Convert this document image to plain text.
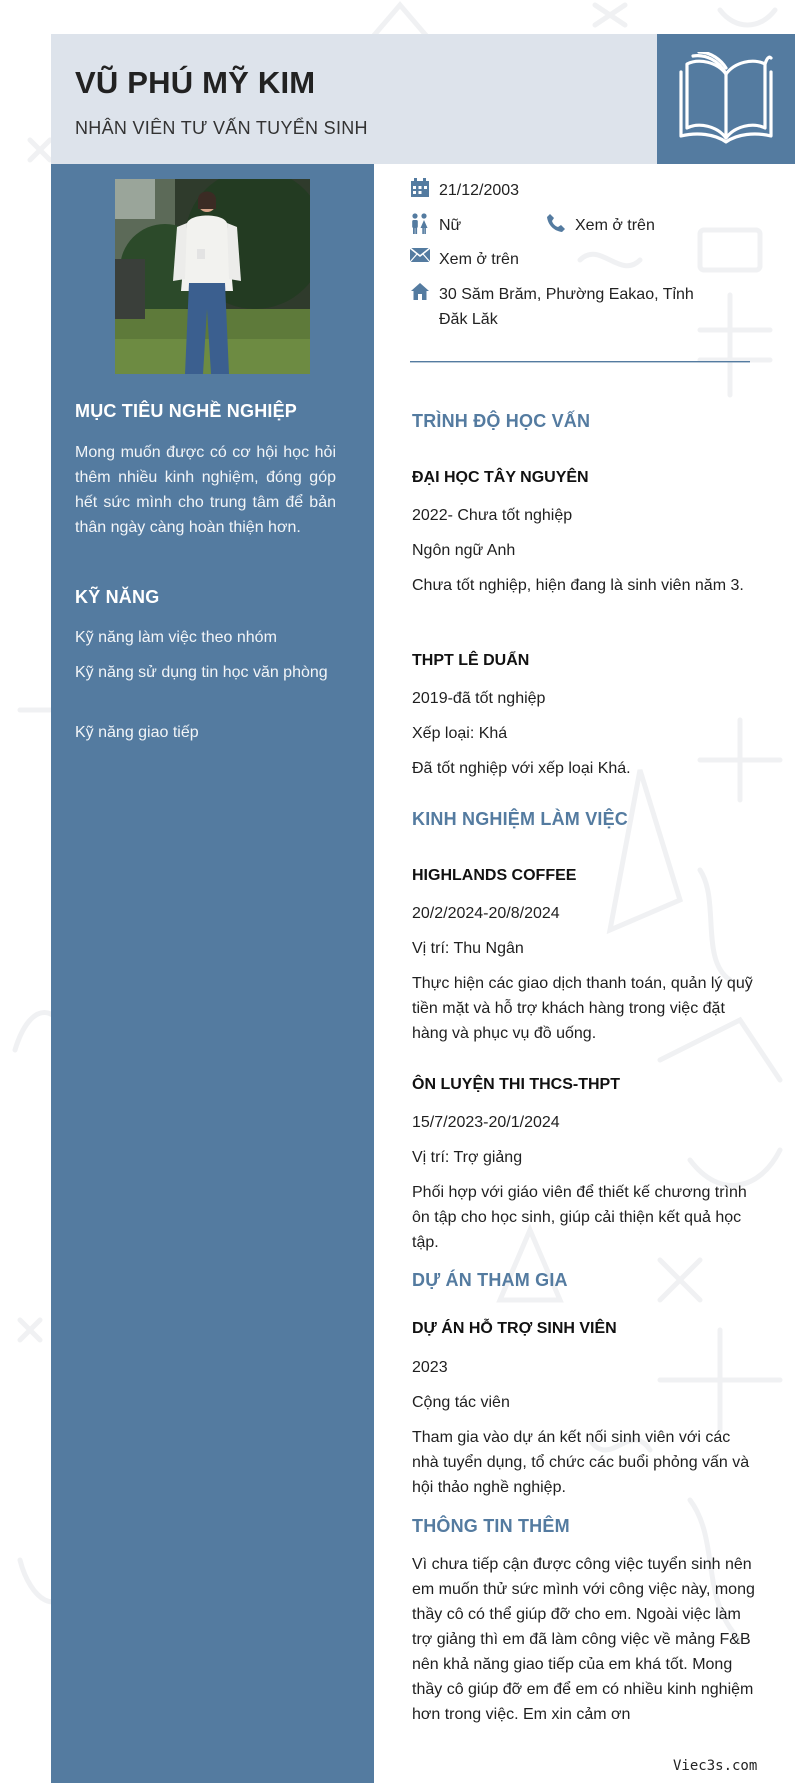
VŨ PHÚ MỸ KIM

NHÂN VIÊN TƯ VẤN TUYỂN SINH

MỤC TIÊU NGHỀ NGHIỆP

Mong muốn được có cơ hội học hỏi thêm nhiều kinh nghiệm, đóng góp hết sức mình cho trung tâm để bản thân ngày càng hoàn thiện hơn.

KỸ NĂNG

Kỹ năng làm việc theo nhóm

Kỹ năng sử dụng tin học văn phòng

Kỹ năng giao tiếp

21/12/2003
Nữ	Xem ở trên
Xem ở trên
30 Săm Brăm, Phường Eakao, Tỉnh Đăk Lăk
TRÌNH ĐỘ HỌC VẤN

ĐẠI HỌC TÂY NGUYÊN

2022- Chưa tốt nghiệp

Ngôn ngữ Anh

Chưa tốt nghiệp, hiện đang là sinh viên năm 3.

THPT LÊ DUẨN

2019-đã tốt nghiệp

Xếp loại: Khá

Đã tốt nghiệp với xếp loại Khá.

KINH NGHIỆM LÀM VIỆC

HIGHLANDS COFFEE

20/2/2024-20/8/2024

Vị trí: Thu Ngân

Thực hiện các giao dịch thanh toán, quản lý quỹ tiền mặt và hỗ trợ khách hàng trong việc đặt hàng và phục vụ đồ uống.

ÔN LUYỆN THI THCS-THPT

15/7/2023-20/1/2024

Vị trí: Trợ giảng

Phối hợp với giáo viên để thiết kế chương trình ôn tập cho học sinh, giúp cải thiện kết quả học tập.

DỰ ÁN THAM GIA

DỰ ÁN HỖ TRỢ SINH VIÊN

2023

Cộng tác viên

Tham gia vào dự án kết nối sinh viên với các nhà tuyển dụng, tổ chức các buổi phỏng vấn và hội thảo nghề nghiệp.

THÔNG TIN THÊM

Vì chưa tiếp cận được công việc tuyển sinh nên em muốn thử sức mình với công việc này, mong thầy cô có thể giúp đỡ cho em. Ngoài việc làm trợ giảng thì em đã làm công việc về mảng F&B nên khả năng giao tiếp của em khá tốt. Mong thầy cô giúp đỡ em để em có nhiều kinh nghiệm hơn trong việc. Em xin cảm ơn

Viec3s.com
